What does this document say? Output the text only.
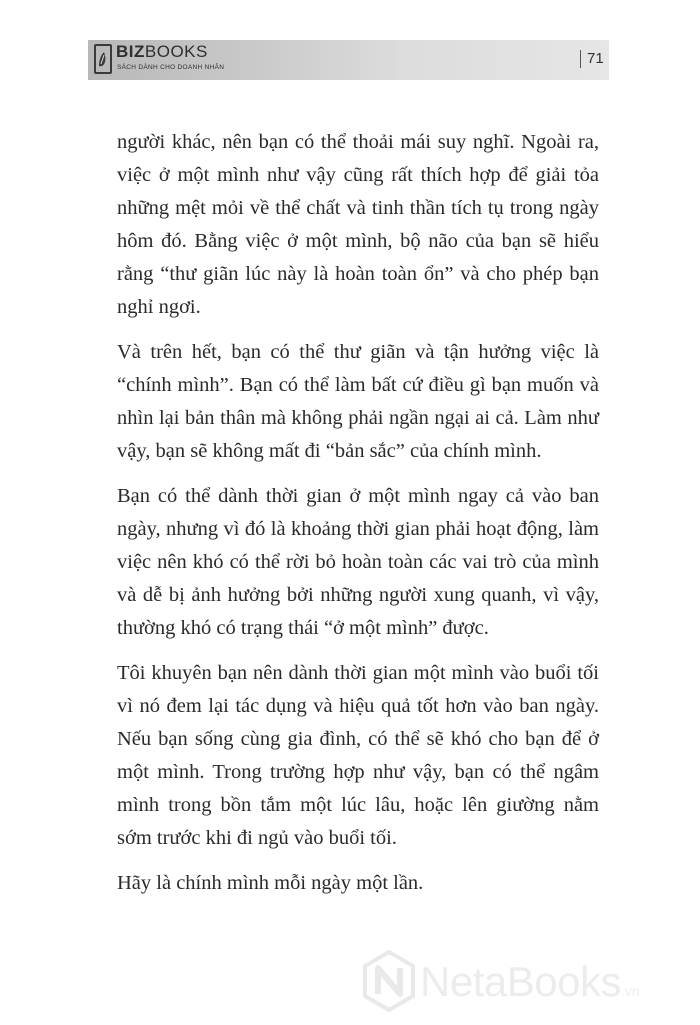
BIZBOOKS
SÁCH DÀNH CHO DOANH NHÂN
71

người khác, nên bạn có thể thoải mái suy nghĩ. Ngoài ra, việc ở một mình như vậy cũng rất thích hợp để giải tỏa những mệt mỏi về thể chất và tinh thần tích tụ trong ngày hôm đó. Bằng việc ở một mình, bộ não của bạn sẽ hiểu rằng “thư giãn lúc này là hoàn toàn ổn” và cho phép bạn nghỉ ngơi.

Và trên hết, bạn có thể thư giãn và tận hưởng việc là “chính mình”. Bạn có thể làm bất cứ điều gì bạn muốn và nhìn lại bản thân mà không phải ngần ngại ai cả. Làm như vậy, bạn sẽ không mất đi “bản sắc” của chính mình.

Bạn có thể dành thời gian ở một mình ngay cả vào ban ngày, nhưng vì đó là khoảng thời gian phải hoạt động, làm việc nên khó có thể rời bỏ hoàn toàn các vai trò của mình và dễ bị ảnh hưởng bởi những người xung quanh, vì vậy, thường khó có trạng thái “ở một mình” được.

Tôi khuyên bạn nên dành thời gian một mình vào buổi tối vì nó đem lại tác dụng và hiệu quả tốt hơn vào ban ngày. Nếu bạn sống cùng gia đình, có thể sẽ khó cho bạn để ở một mình. Trong trường hợp như vậy, bạn có thể ngâm mình trong bồn tắm một lúc lâu, hoặc lên giường nằm sớm trước khi đi ngủ vào buổi tối.

Hãy là chính mình mỗi ngày một lần.

NetaBooks.vn
